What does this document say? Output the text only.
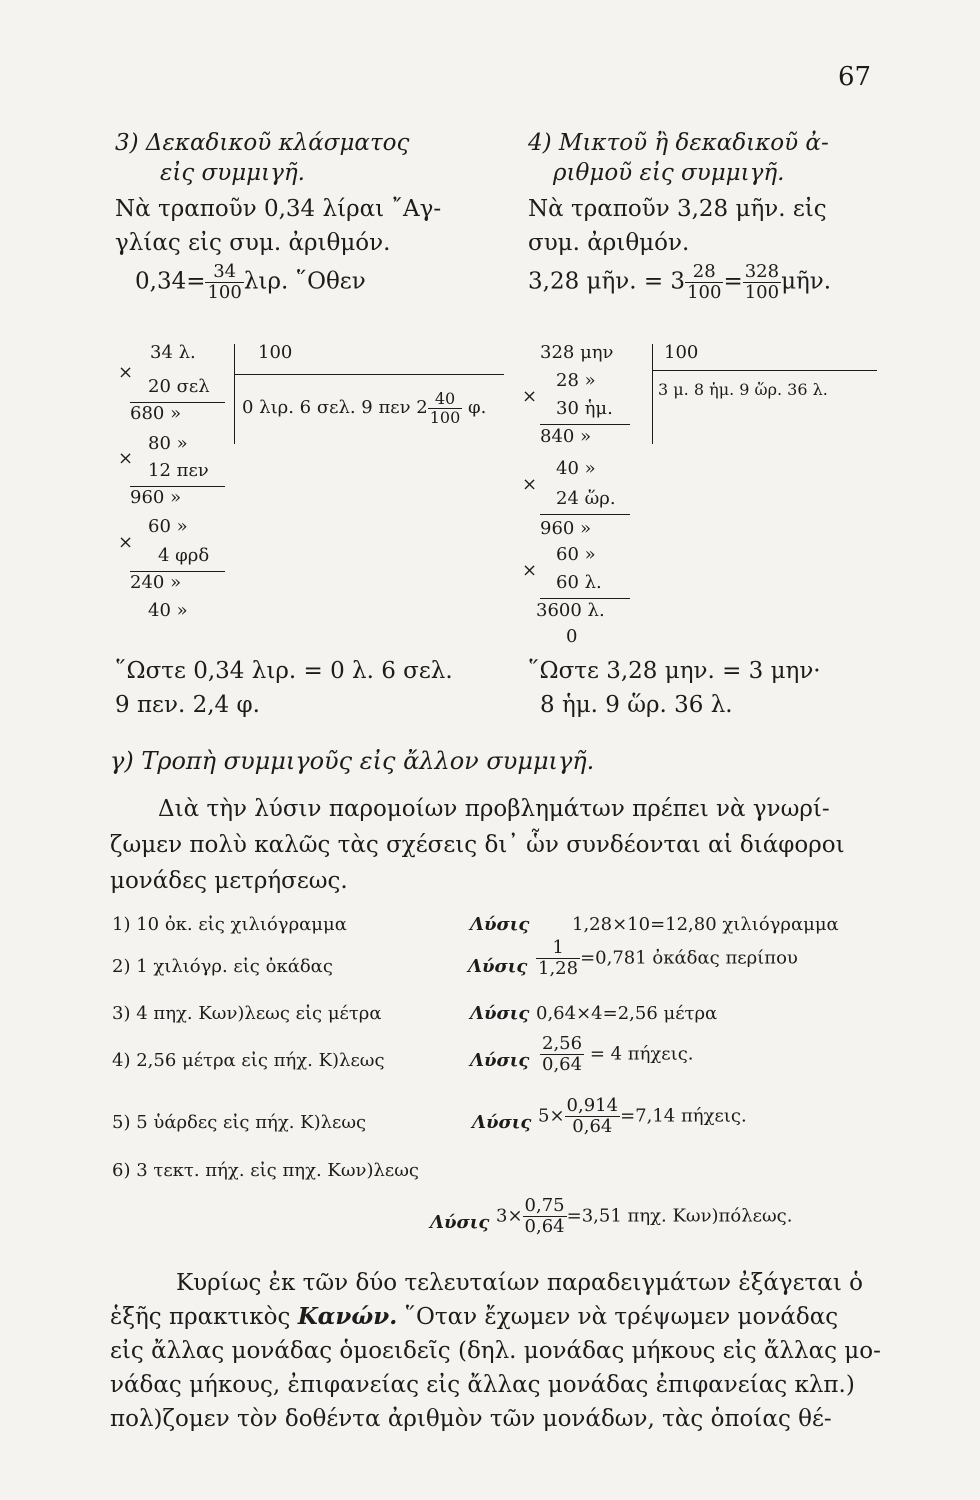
67
3) Δεκαδικοῦ κλάσματος
εἰς συμμιγῆ.
Νὰ τραποῦν 0,34 λίραι ῎Αγ-
γλίας εἰς συμ. ἀριθμόν.
$0,34= \frac{34}{100} \lambda\iota\rho$. ῞Οθεν
×
34 λ.
20 σελ
680 »
80 »
×
12 πεν
960 »
60 »
×
4 φρδ
240 »
40 »
100
0 λιρ. 6 σελ. 9 πεν $2 \frac{40}{100} \varphi$.
῞Ωστε 0,34 λιρ. = 0 λ. 6 σελ.
9 πεν. 2,4 φ.
4) Μικτοῦ ἢ δεκαδικοῦ ἀ-
ριθμοῦ εἰς συμμιγῆ.
Νὰ τραποῦν 3,28 μῆν. εἰς
συμ. ἀριθμόν.
3,28 μῆν. = $3 \frac{28}{100} = \frac{328}{100}$ μῆν.
328 μην
28 »
×
30 ἡμ.
840 »
40 »
×
24 ὥρ.
960 »
60 »
×
60 λ.
3600 λ.
0
100
3 μ. 8 ἡμ. 9 ὥρ. 36 λ.
῞Ωστε 3,28 μην. = 3 μην·
8 ἡμ. 9 ὥρ. 36 λ.
γ) Τροπὴ συμμιγοῦς εἰς ἄλλον συμμιγῆ.
Διὰ τὴν λύσιν παρομοίων προβλημάτων πρέπει νὰ γνωρί-
ζωμεν πολὺ καλῶς τὰς σχέσεις δι᾽ ὧν συνδέονται αἱ διάφοροι
μονάδες μετρήσεως.
1) 10 ὀκ. εἰς χιλιόγραμμα	Λύσις 1,28×10=12,80 χιλιόγραμμα
2) 1 χιλιόγρ. εἰς ὀκάδας	Λύσις $\frac{1}{1,28} =0,781$ ὀκάδας περίπου
3) 4 πηχ. Κων)λεως εἰς μέτρα	Λύσις 0,64×4=2,56 μέτρα
4) 2,56 μέτρα εἰς πήχ. Κ)λεως	Λύσις $\frac{2,56}{0,64} = 4$ πήχεις.
5) 5 ὑάρδες εἰς πήχ. Κ)λεως	Λύσις $5\times \frac{0,914}{0,64} =7,14$ πήχεις.
6) 3 τεκτ. πήχ. εἰς πηχ. Κων)λεως
Λύσις $3\times \frac{0,75}{0,64} =3,51$ πηχ. Κων)πόλεως.
Κυρίως ἐκ τῶν δύο τελευταίων παραδειγμάτων ἐξάγεται ὁ
ἑξῆς πρακτικὸς Κανών. ῞Οταν ἔχωμεν νὰ τρέψωμεν μονάδας
εἰς ἄλλας μονάδας ὁμοειδεῖς (δηλ. μονάδας μήκους εἰς ἄλλας μο-
νάδας μήκους, ἐπιφανείας εἰς ἄλλας μονάδας ἐπιφανείας κλπ.)
πολ)ζομεν τὸν δοθέντα ἀριθμὸν τῶν μονάδων, τὰς ὁποίας θέ-
